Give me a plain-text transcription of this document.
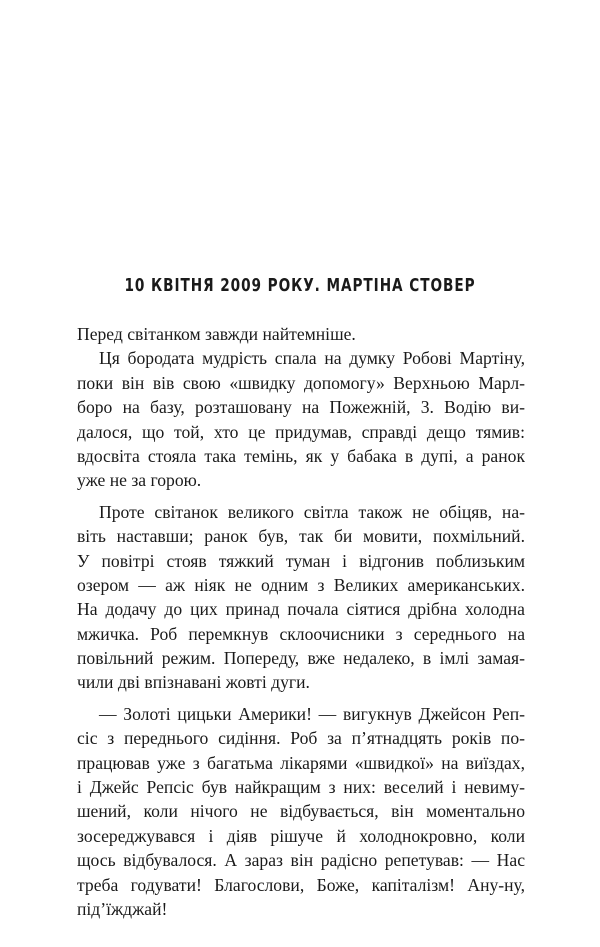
10 КВІТНЯ 2009 РОКУ. МАРТІНА СТОВЕР
Перед світанком завжди найтемніше.
Ця бородата мудрість спала на думку Робові Мартіну,
поки він вів свою «швидку допомогу» Верхньою Марл-
боро на базу, розташовану на Пожежній, 3. Водію ви-
далося, що той, хто це придумав, справді дещо тямив:
вдосвіта стояла така темінь, як у бабака в дупі, а ранок
уже не за горою.
Проте світанок великого світла також не обіцяв, на-
віть наставши; ранок був, так би мовити, похмільний.
У повітрі стояв тяжкий туман і відгонив поблизьким
озером — аж ніяк не одним з Великих американських.
На додачу до цих принад почала сіятися дрібна холодна
мжичка. Роб перемкнув склоочисники з середнього на
повільний режим. Попереду, вже недалеко, в імлі замая-
чили дві впізнавані жовті дуги.
— Золоті цицьки Америки! — вигукнув Джейсон Реп-
сіс з переднього сидіння. Роб за п’ятнадцять років по-
працював уже з багатьма лікарями «швидкої» на виїздах,
і Джейс Репсіс був найкращим з них: веселий і невиму-
шений, коли нічого не відбувається, він моментально
зосереджувався і діяв рішуче й холоднокровно, коли
щось відбувалося. А зараз він радісно репетував: — Нас
треба годувати! Благослови, Боже, капіталізм! Ану-ну,
під’їжджай!
